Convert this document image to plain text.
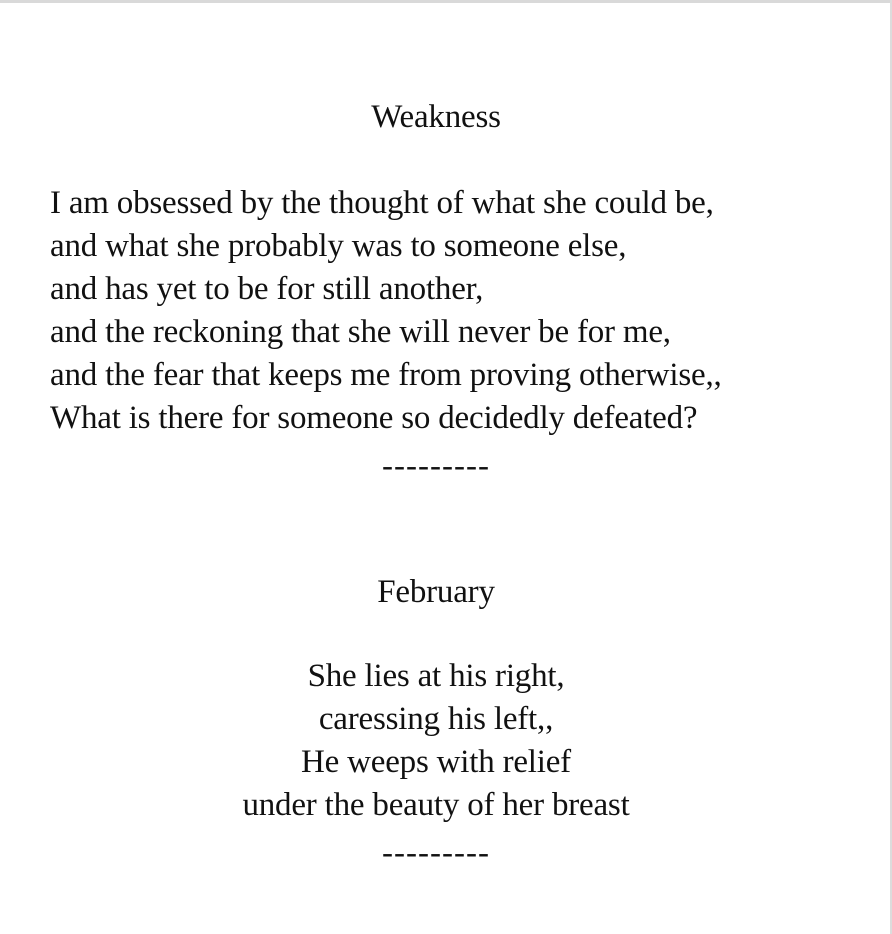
Weakness
I am obsessed by the thought of what she could be,
and what she probably was to someone else,
and has yet to be for still another,
and the reckoning that she will never be for me,
and the fear that keeps me from proving otherwise,,
What is there for someone so decidedly defeated?
---------
February
She lies at his right,
caressing his left,,
He weeps with relief
under the beauty of her breast
---------
